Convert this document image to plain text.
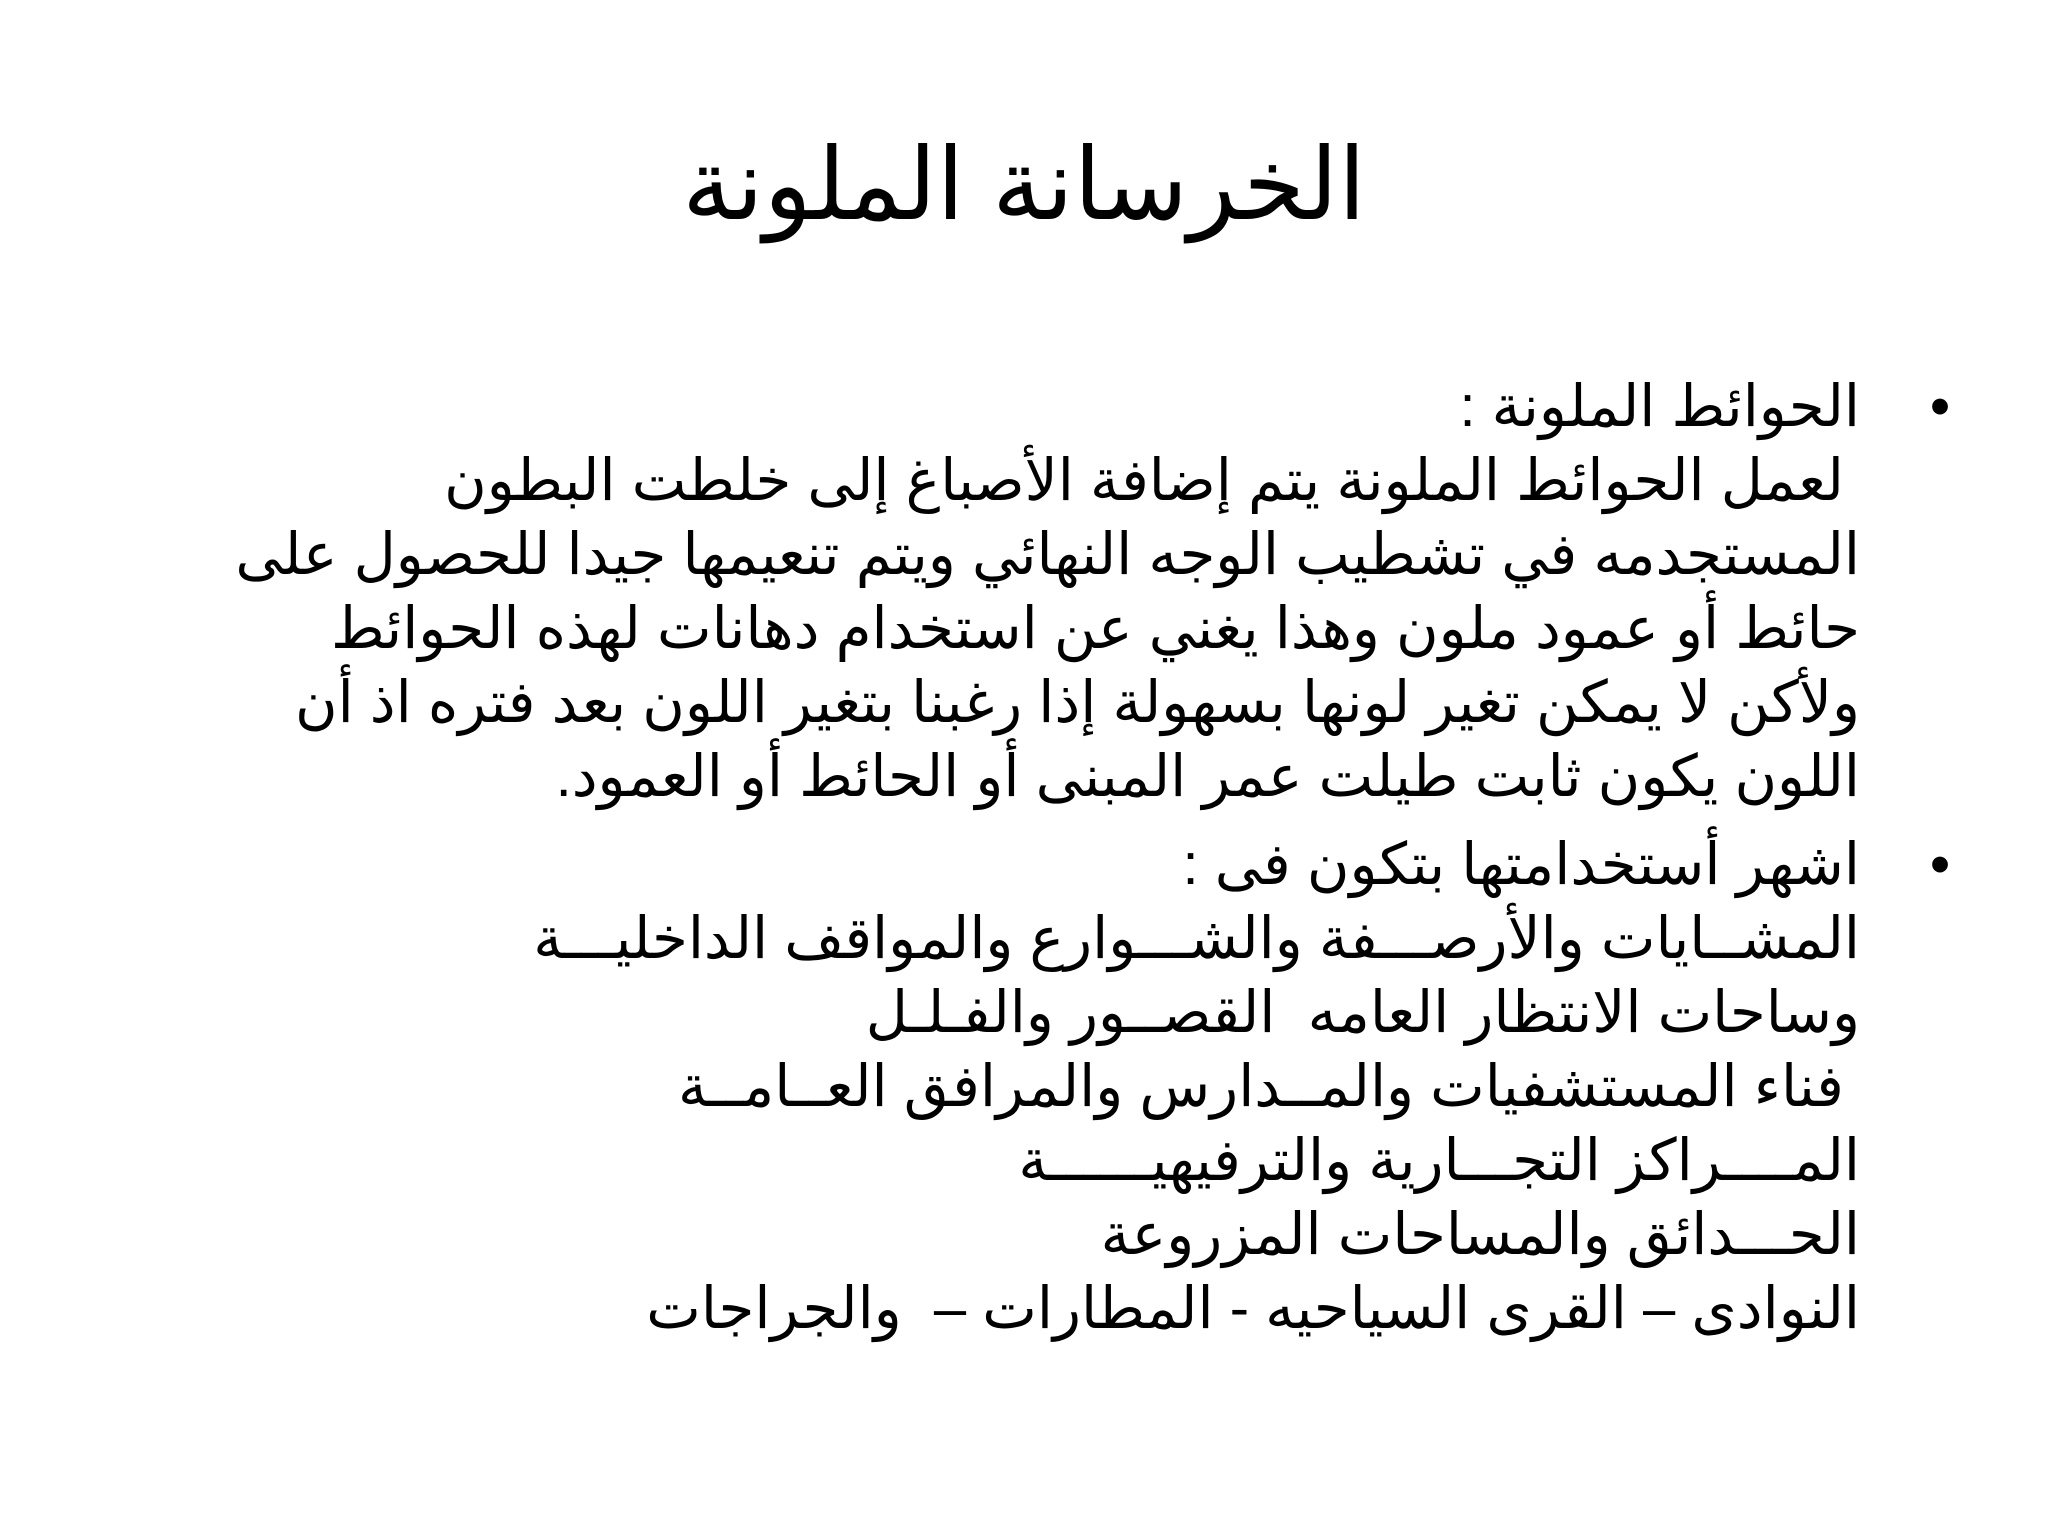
الخرسانة الملونة
•
الحوائط الملونة :
لعمل الحوائط الملونة يتم إضافة الأصباغ إلى خلطت البطون
المستجدمه في تشطيب الوجه النهائي ويتم تنعيمها جيدا للحصول على
حائط أو عمود ملون وهذا يغني عن استخدام دهانات لهذه الحوائط
ولأكن لا يمكن تغير لونها بسهولة إذا رغبنا بتغير اللون بعد فتره اذ أن
اللون يكون ثابت طيلت عمر المبنى أو الحائط أو العمود.
•
اشهر أستخدامتها بتكون فى :
المشــايات والأرصـــفة والشـــوارع والمواقف الداخليـــة
وساحات الانتظار العامه  القصــور والفـلـل
فناء المستشفيات والمــدارس والمرافق العــامــة
المــــراكز التجـــارية والترفيهيــــــة
الحـــدائق والمساحات المزروعة
النوادى – القرى السياحيه - المطارات –  والجراجات
